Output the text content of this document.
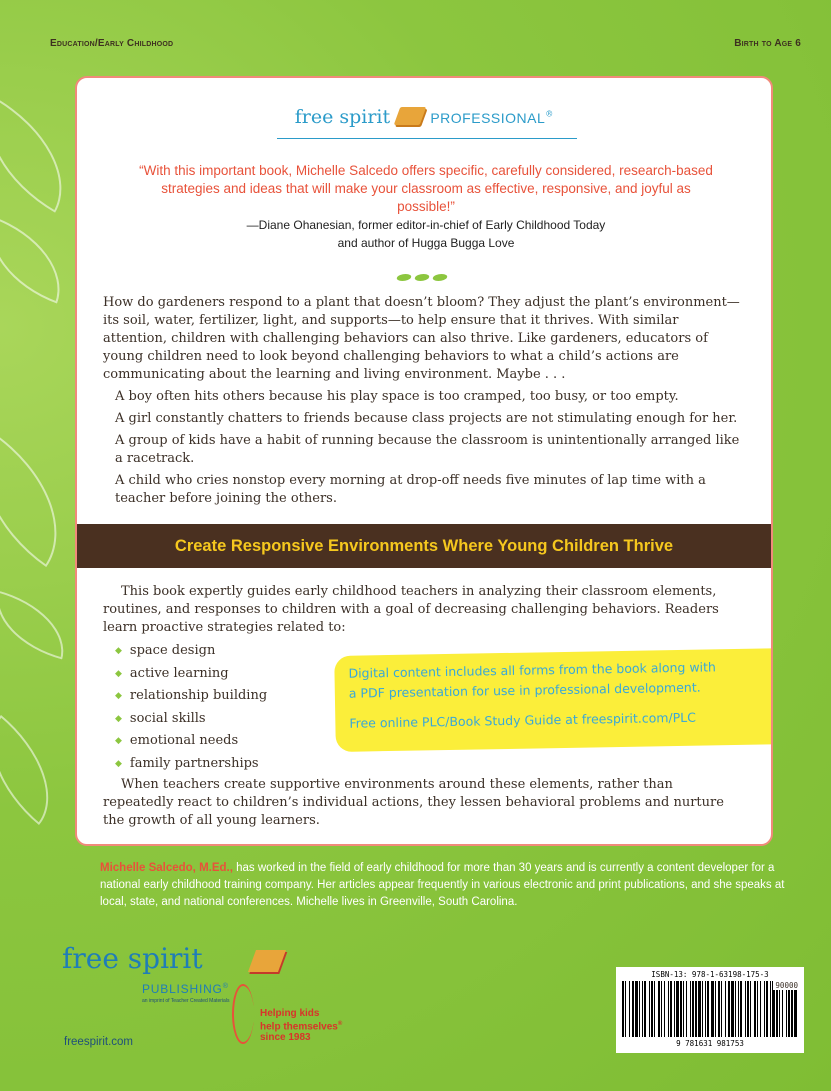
Education/Early Childhood	Birth to Age 6
free spirit	PROFESSIONAL®
“With this important book, Michelle Salcedo offers specific, carefully considered, research-based strategies and ideas that will make your classroom as effective, responsive, and joyful as possible!”
—Diane Ohanesian, former editor-in-chief of Early Childhood Today
and author of Hugga Bugga Love
How do gardeners respond to a plant that doesn’t bloom? They adjust the plant’s environment—its soil, water, fertilizer, light, and supports—to help ensure that it thrives. With similar attention, children with challenging behaviors can also thrive. Like gardeners, educators of young children need to look beyond challenging behaviors to what a child’s actions are communicating about the learning and living environment. Maybe . . .

A boy often hits others because his play space is too cramped, too busy, or too empty.

A girl constantly chatters to friends because class projects are not stimulating enough for her.

A group of kids have a habit of running because the classroom is unintentionally arranged like a racetrack.

A child who cries nonstop every morning at drop-off needs five minutes of lap time with a teacher before joining the others.

Create Responsive Environments Where Young Children Thrive
This book expertly guides early childhood teachers in analyzing their classroom elements, routines, and responses to children with a goal of decreasing challenging behaviors. Readers learn proactive strategies related to:
◆ space design
◆ active learning
◆ relationship building
◆ social skills
◆ emotional needs
◆ family partnerships
Digital content includes all forms from the book along with
a PDF presentation for use in professional development.
Free online PLC/Book Study Guide at freespirit.com/PLC
When teachers create supportive environments around these elements, rather than repeatedly react to children’s individual actions, they lessen behavioral problems and nurture the growth of all young learners.
Michelle Salcedo, M.Ed., has worked in the field of early childhood for more than 30 years and is currently a content developer for a national early childhood training company. Her articles appear frequently in various electronic and print publications, and she speaks at local, state, and national conferences. Michelle lives in Greenville, South Carolina.
free spirit
PUBLISHING®
an imprint of Teacher Created Materials
Helping kids
help themselves®
since 1983
freespirit.com
ISBN-13: 978-1-63198-175-3
90000
9 781631 981753
